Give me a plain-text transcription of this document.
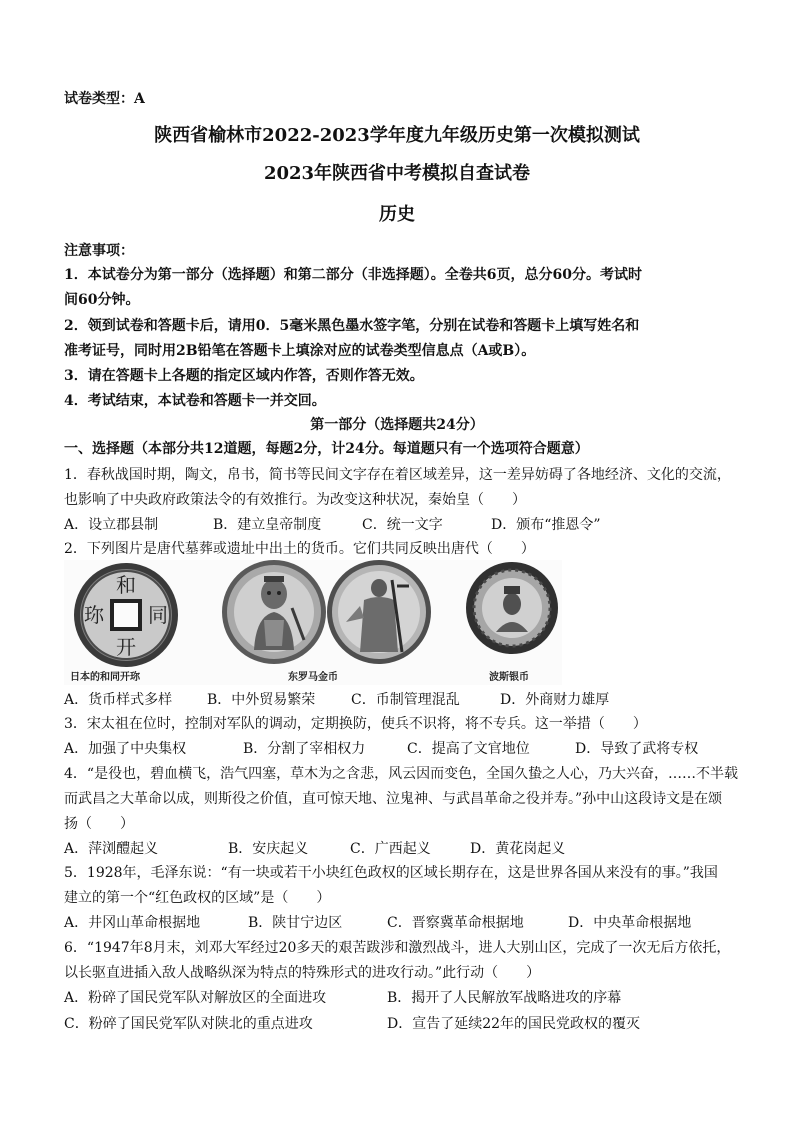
试卷类型：A
陕西省榆林市2022-2023学年度九年级历史第一次模拟测试
2023年陕西省中考模拟自查试卷
历史
注意事项：
1．本试卷分为第一部分（选择题）和第二部分（非选择题）。全卷共6页，总分60分。考试时
间60分钟。
2．领到试卷和答题卡后，请用0．5毫米黑色墨水签字笔，分别在试卷和答题卡上填写姓名和
准考证号，同时用2B铅笔在答题卡上填涂对应的试卷类型信息点（A或B）。
3．请在答题卡上各题的指定区域内作答，否则作答无效。
4．考试结束，本试卷和答题卡一并交回。
第一部分（选择题共24分）
一、选择题（本部分共12道题，每题2分，计24分。每道题只有一个选项符合题意）
1．春秋战国时期，陶文，帛书，简书等民间文字存在着区域差异，这一差异妨碍了各地经济、文化的交流，
也影响了中央政府政策法令的有效推行。为改变这种状况，秦始皇（　　）
A．设立郡县制	B．建立皇帝制度	C．统一文字	D．颁布“推恩令”
2．下列图片是唐代墓葬或遗址中出土的货币。它们共同反映出唐代（　　）
和
同
开
珎
日本的和同开珎	东罗马金币	波斯银币
A．货币样式多样 B．中外贸易繁荣	C．币制管理混乱	D．外商财力雄厚
3．宋太祖在位时，控制对军队的调动，定期换防，使兵不识将，将不专兵。这一举措（　　）
A．加强了中央集权	B．分割了宰相权力	C．提高了文官地位	D．导致了武将专权
4．“是役也，碧血横飞，浩气四塞，草木为之含悲，风云因而变色，全国久蛰之人心，乃大兴奋，……不半载
而武昌之大革命以成，则斯役之价值，直可惊天地、泣鬼神、与武昌革命之役并寿。”孙中山这段诗文是在颂
扬（　　）
A．萍浏醴起义	B．安庆起义	C．广西起义	D．黄花岗起义
5．1928年，毛泽东说：“有一块或若干小块红色政权的区域长期存在，这是世界各国从来没有的事。”我国
建立的第一个“红色政权的区域”是（　　）
A．井冈山革命根据地	B．陕甘宁边区	C．晋察冀革命根据地	D．中央革命根据地
6．“1947年8月末，刘邓大军经过20多天的艰苦跋涉和激烈战斗，进人大别山区，完成了一次无后方依托，
以长驱直进插入敌人战略纵深为特点的特殊形式的进攻行动。”此行动（　　）
A．粉碎了国民党军队对解放区的全面进攻	B．揭开了人民解放军战略进攻的序幕
C．粉碎了国民党军队对陕北的重点进攻	D．宣告了延续22年的国民党政权的覆灭
